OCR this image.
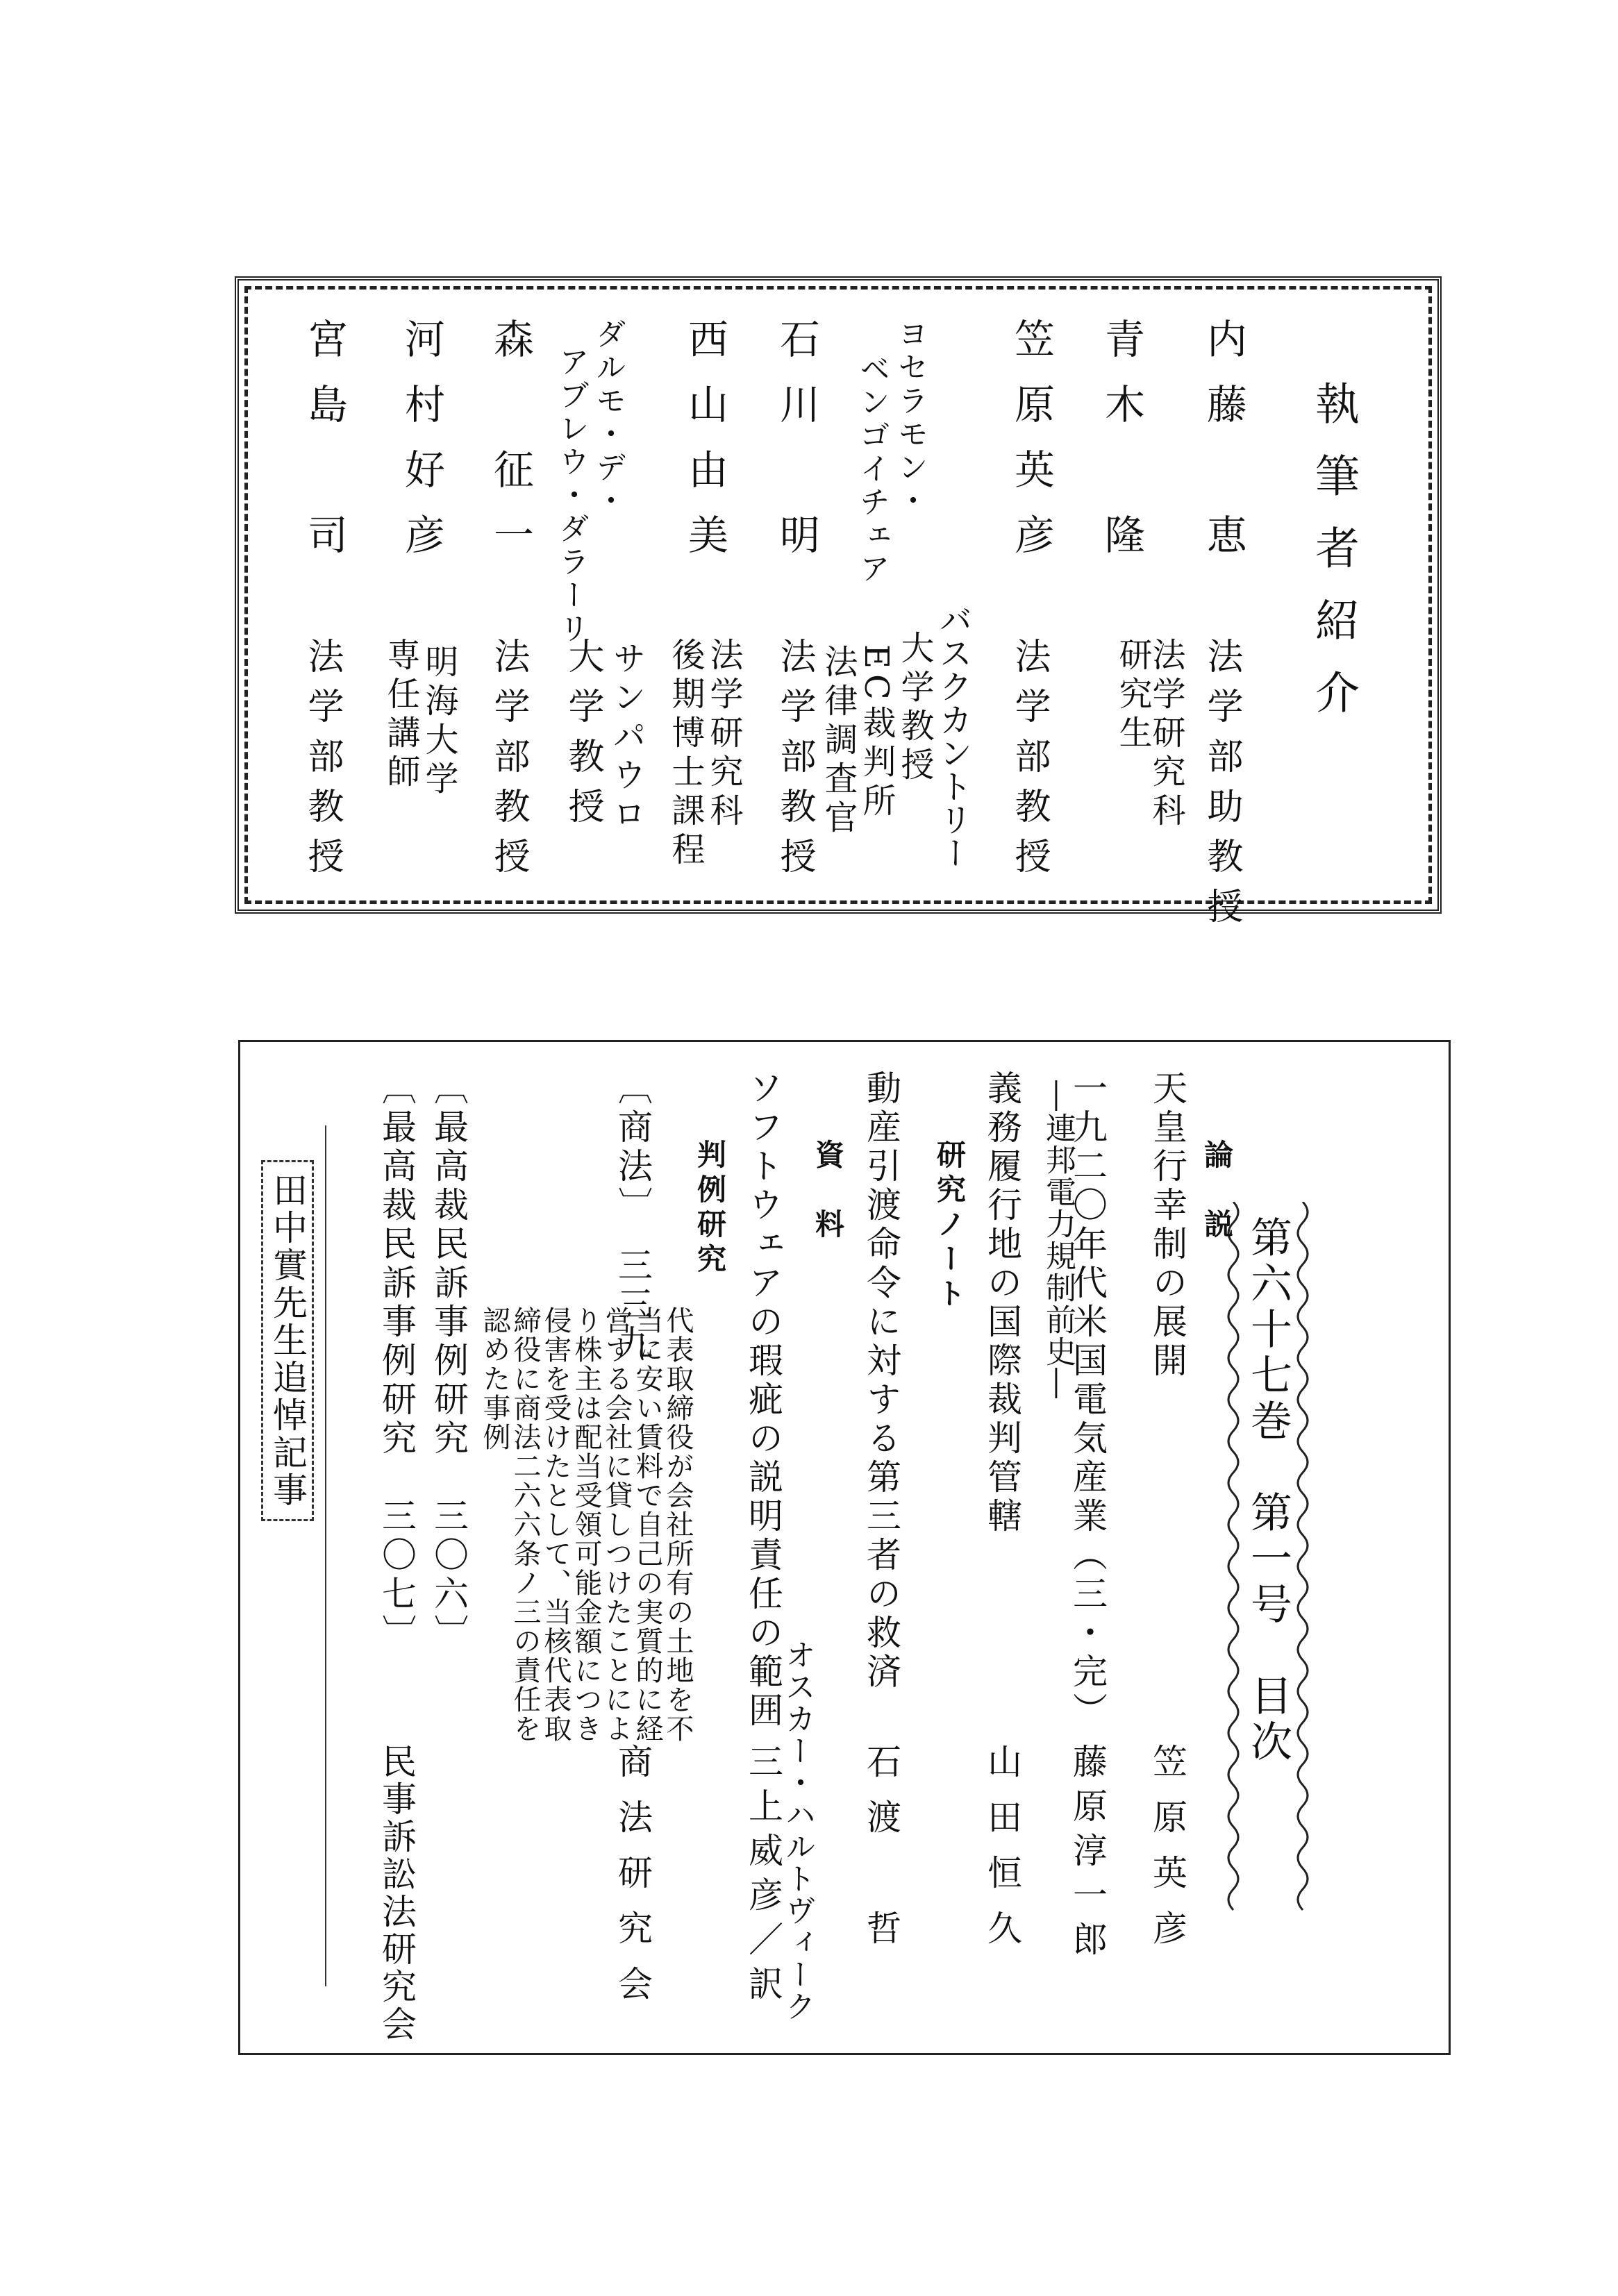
執筆者紹介
内藤　恵
法学部助教授
青木　隆
法学研究科研究生
笠原英彦
法学部教授
ヨセラモン・
ベンゴイチェア
バスクカントリー
大学教授
EC裁判所
法律調査官
石川　明
法学部教授
西山由美
法学研究科
後期博士課程
ダルモ・デ・
アブレウ・ダラーリ
サンパウロ
大学教授
森　征一
法学部教授
河村好彦
明海大学
専任講師
宮島　司
法学部教授
第六十七巻　第一号　目次
論　説
天皇行幸制の展開
笠原英彦
一九二〇年代米国電気産業（三・完）
―連邦電力規制前史―
藤原淳一郎
義務履行地の国際裁判管轄
研究ノート
山田恒久
動産引渡命令に対する第三者の救済
資　料
石渡　哲
ソフトウェアの瑕疵の説明責任の範囲
オスカー・ハルトヴィーク
三上威彦／訳
判例研究
〔商法〕　三三九
代表取締役が会社所有の土地を不
当に安い賃料で自己の実質的に経
営する会社に貸しつけたことによ
り株主は配当受領可能金額につき
侵害を受けたとして、当核代表取
締役に商法二六六条ノ三の責任を
認めた事例
商法研究会
〔最高裁民訴事例研究　三〇六〕
〔最高裁民訴事例研究　三〇七〕
民事訴訟法研究会
田中實先生追悼記事
